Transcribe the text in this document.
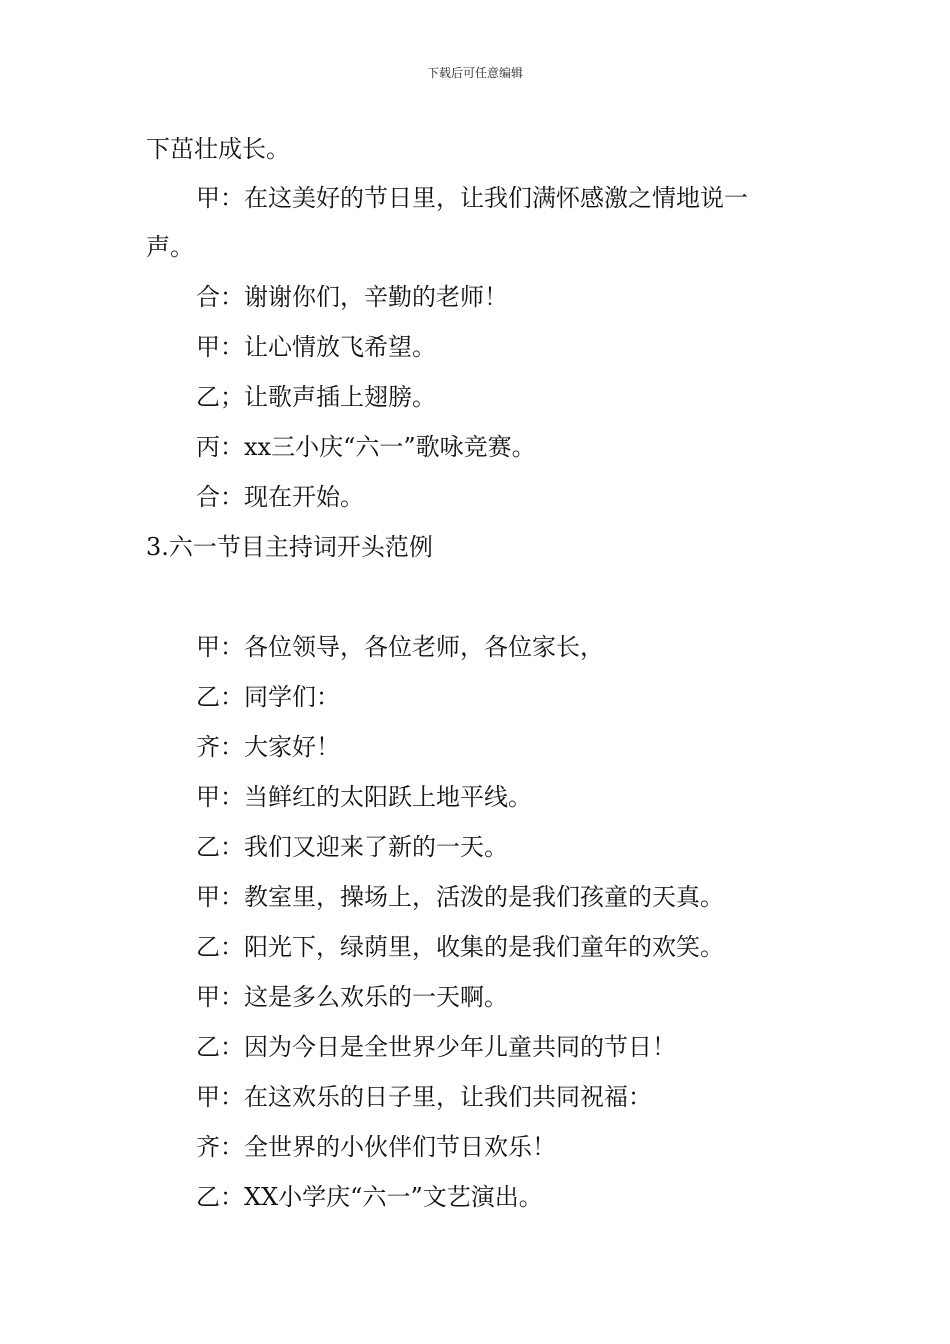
下载后可任意编辑
下茁壮成长。
甲：在这美好的节日里，让我们满怀感激之情地说一
声。
合：谢谢你们，辛勤的老师！
甲：让心情放飞希望。
乙；让歌声插上翅膀。
丙：xx三小庆“六一”歌咏竞赛。
合：现在开始。
3.六一节目主持词开头范例
甲：各位领导，各位老师，各位家长，
乙：同学们：
齐：大家好！
甲：当鲜红的太阳跃上地平线。
乙：我们又迎来了新的一天。
甲：教室里，操场上，活泼的是我们孩童的天真。
乙：阳光下，绿荫里，收集的是我们童年的欢笑。
甲：这是多么欢乐的一天啊。
乙：因为今日是全世界少年儿童共同的节日！
甲：在这欢乐的日子里，让我们共同祝福：
齐：全世界的小伙伴们节日欢乐！
乙：XX小学庆“六一”文艺演出。
